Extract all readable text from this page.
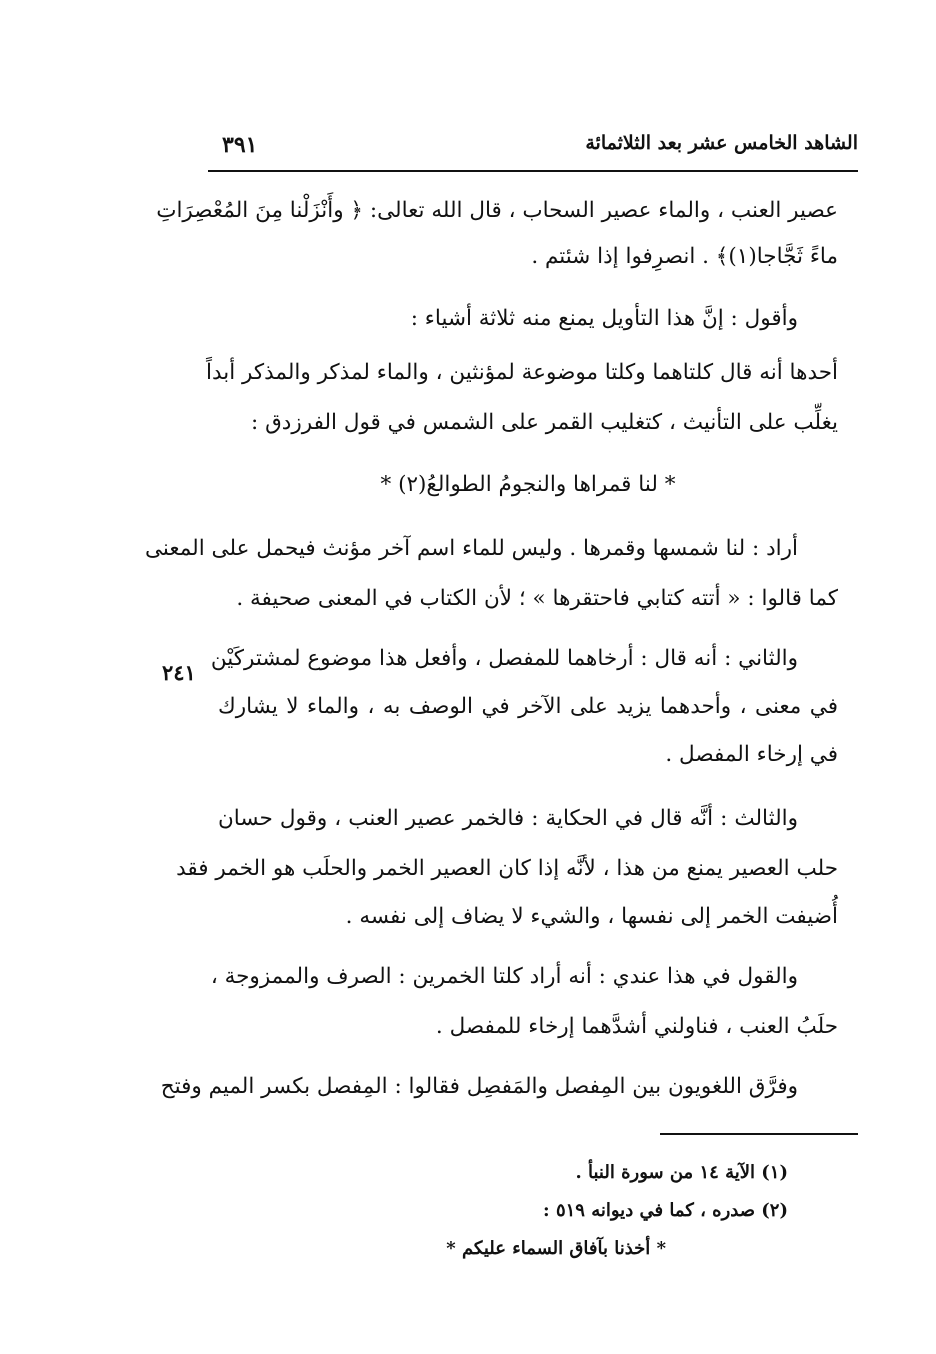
الشاهد الخامس عشر بعد الثلاثمائة
٣٩١
٢٤١
عصير العنب ، والماء عصير السحاب ، قال الله تعالى: ﴿ وأَنْزَلْنا مِنَ المُعْصِرَاتِ
ماءً ثَجَّاجا(١)﴾ . انصرِفوا إذا شئتم .
وأقول : إنَّ هذا التأويل يمنع منه ثلاثة أشياء :
أحدها أنه قال كلتاهما وكلتا موضوعة لمؤنثين ، والماء لمذكر والمذكر أبداً
يغلِّب على التأنيث ، كتغليب القمر على الشمس في قول الفرزدق :
* لنا قمراها والنجومُ الطوالعُ(٢) *
أراد : لنا شمسها وقمرها . وليس للماء اسم آخر مؤنث فيحمل على المعنى
كما قالوا : « أتته كتابي فاحتقرها » ؛ لأن الكتاب في المعنى صحيفة .
والثاني : أنه قال : أرخاهما للمفصل ، وأفعل هذا موضوع لمشتركَيْن
في معنى ، وأحدهما يزيد على الآخر في الوصف به ، والماء لا يشارك
في إرخاء المفصل .
والثالث : أنَّه قال في الحكاية : فالخمر عصير العنب ، وقول حسان
حلب العصير يمنع من هذا ، لأنَّه إذا كان العصير الخمر والحلَب هو الخمر فقد
أُضيفت الخمر إلى نفسها ، والشيء لا يضاف إلى نفسه .
والقول في هذا عندي : أنه أراد كلتا الخمرين : الصرف والممزوجة ،
حلَبُ العنب ، فناولني أشدَّهما إرخاء للمفصل .
وفرَّق اللغويون بين المِفصل والمَفصِل فقالوا : المِفصل بكسر الميم وفتح
(١) الآية ١٤ من سورة النبأ .
(٢) صدره ، كما في ديوانه ٥١٩ :
* أخذنا بآفاق السماء عليكم *
